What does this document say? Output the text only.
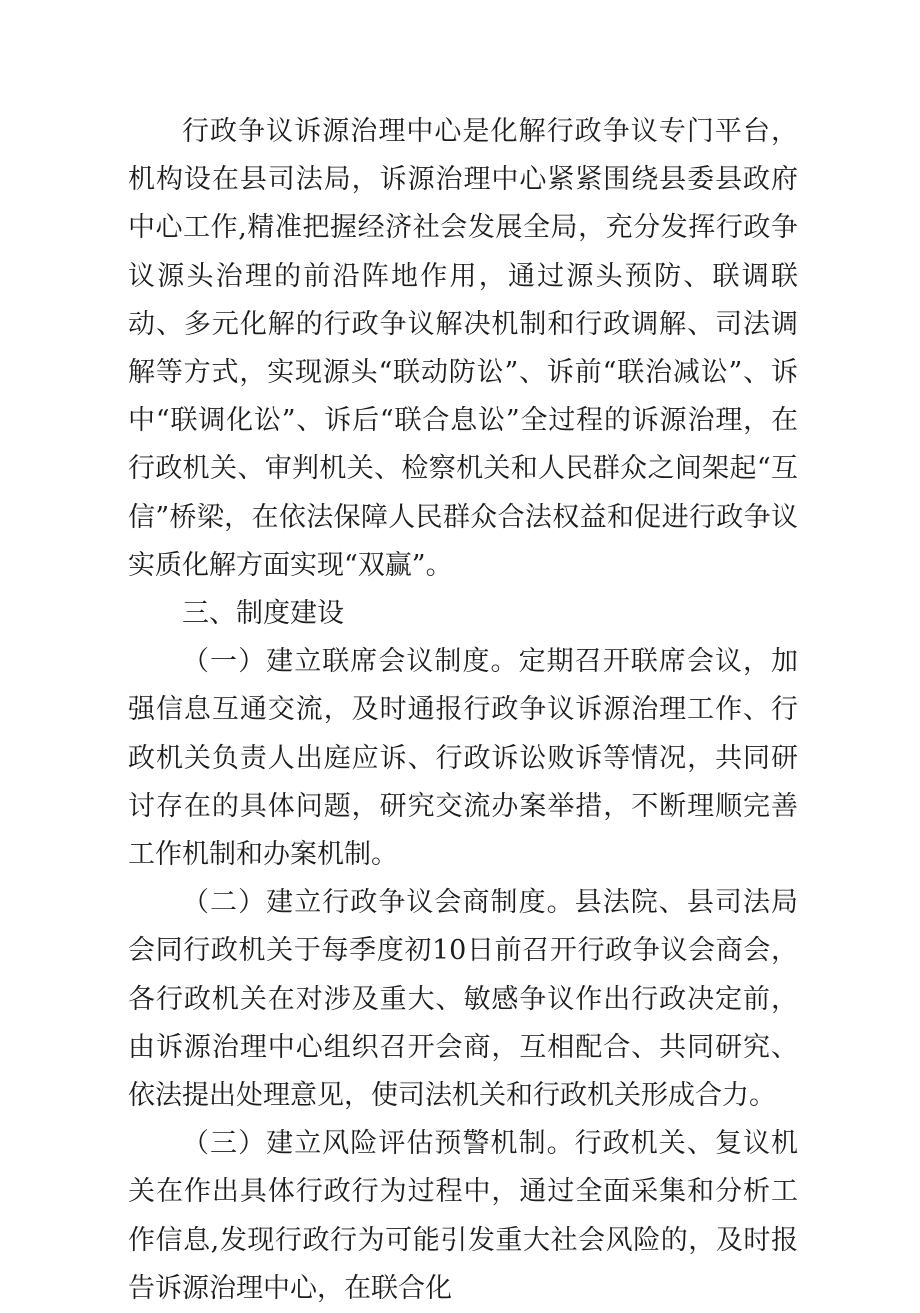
行政争议诉源治理中心是化解行政争议专门平台，机构设在县司法局，诉源治理中心紧紧围绕县委县政府中心工作,精准把握经济社会发展全局，充分发挥行政争议源头治理的前沿阵地作用，通过源头预防、联调联动、多元化解的行政争议解决机制和行政调解、司法调解等方式，实现源头“联动防讼”、诉前“联治减讼”、诉中“联调化讼”、诉后“联合息讼”全过程的诉源治理，在行政机关、审判机关、检察机关和人民群众之间架起“互信”桥梁，在依法保障人民群众合法权益和促进行政争议实质化解方面实现“双赢”。

三、制度建设

（一）建立联席会议制度。定期召开联席会议，加强信息互通交流，及时通报行政争议诉源治理工作、行政机关负责人出庭应诉、行政诉讼败诉等情况，共同研讨存在的具体问题，研究交流办案举措，不断理顺完善工作机制和办案机制。

（二）建立行政争议会商制度。县法院、县司法局会同行政机关于每季度初10日前召开行政争议会商会，各行政机关在对涉及重大、敏感争议作出行政决定前，由诉源治理中心组织召开会商，互相配合、共同研究、依法提出处理意见，使司法机关和行政机关形成合力。

（三）建立风险评估预警机制。行政机关、复议机关在作出具体行政行为过程中，通过全面采集和分析工作信息,发现行政行为可能引发重大社会风险的，及时报告诉源治理中心，在联合化
